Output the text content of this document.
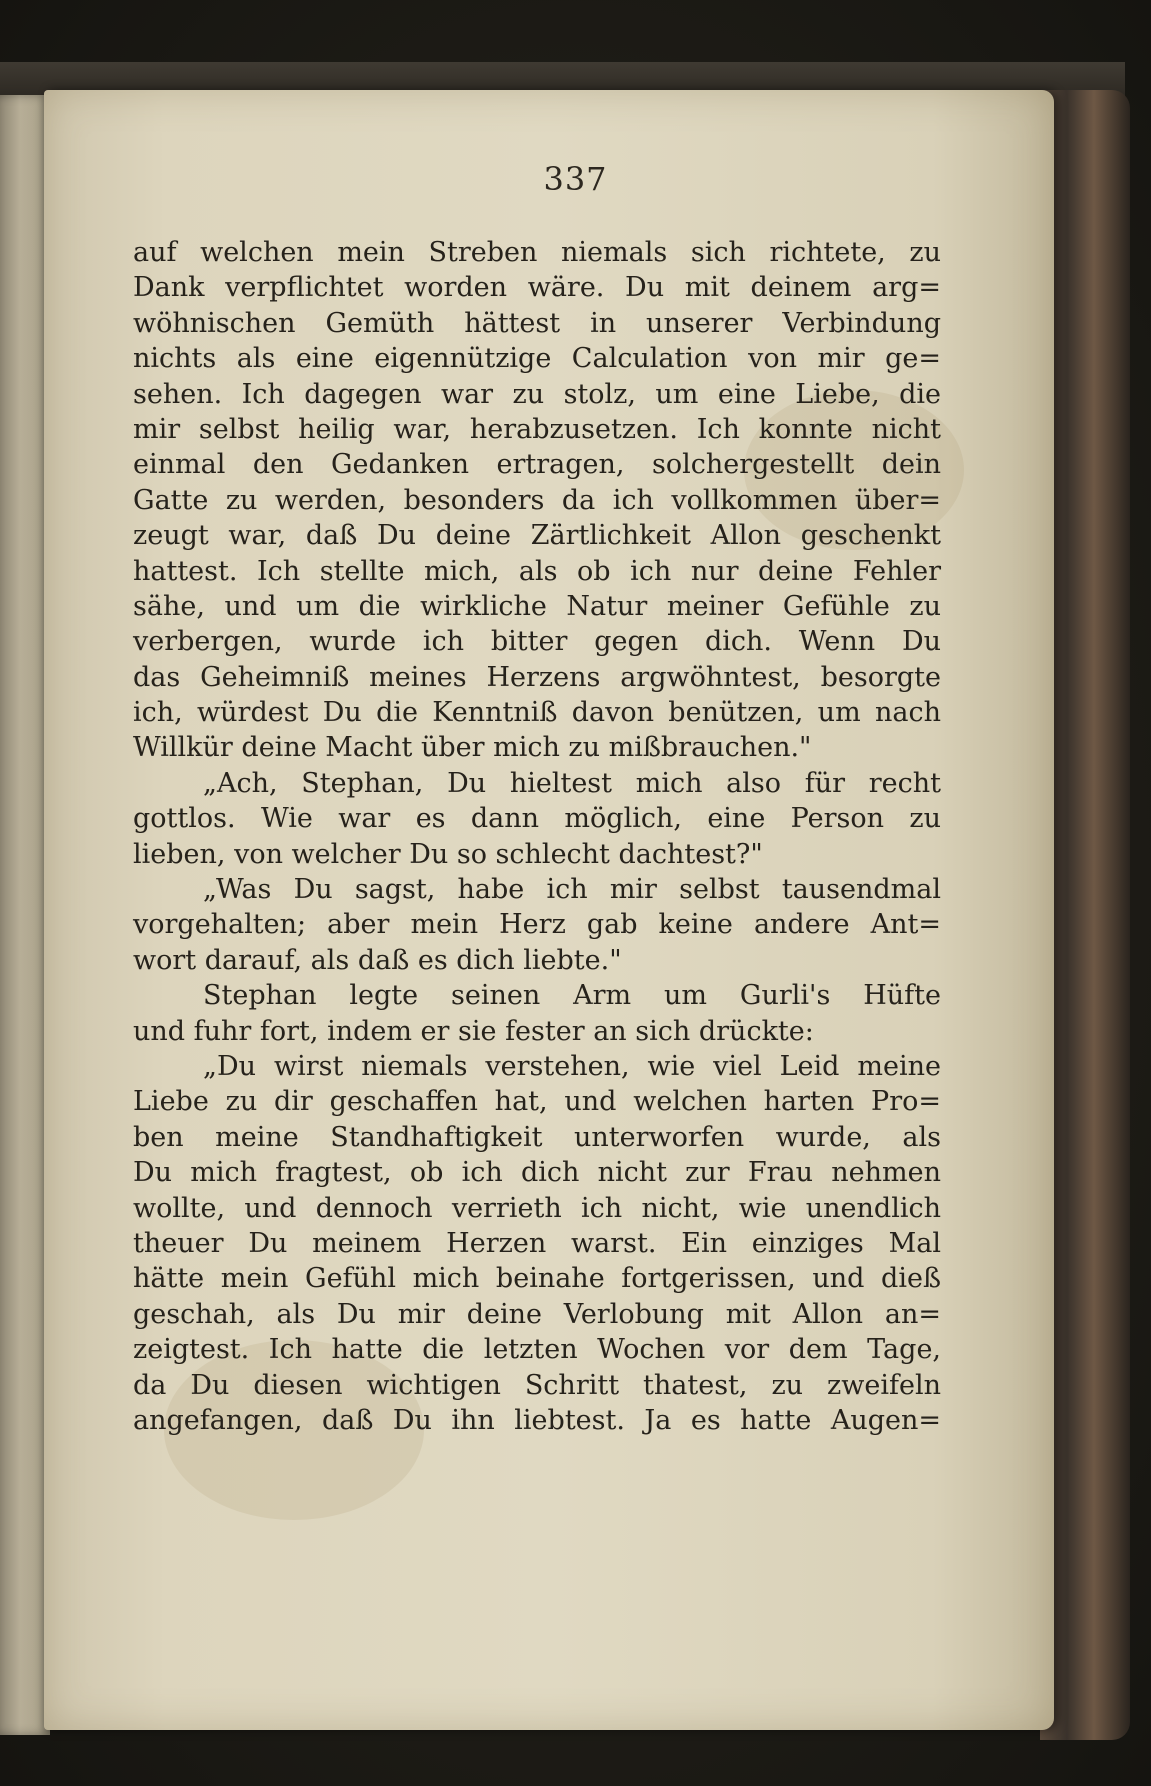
337
auf welchen mein Streben niemals sich richtete, zu
Dank verpflichtet worden wäre. Du mit deinem arg=
wöhnischen Gemüth hättest in unserer Verbindung
nichts als eine eigennützige Calculation von mir ge=
sehen. Ich dagegen war zu stolz, um eine Liebe, die
mir selbst heilig war, herabzusetzen. Ich konnte nicht
einmal den Gedanken ertragen, solchergestellt dein
Gatte zu werden, besonders da ich vollkommen über=
zeugt war, daß Du deine Zärtlichkeit Allon geschenkt
hattest. Ich stellte mich, als ob ich nur deine Fehler
sähe, und um die wirkliche Natur meiner Gefühle zu
verbergen, wurde ich bitter gegen dich. Wenn Du
das Geheimniß meines Herzens argwöhntest, besorgte
ich, würdest Du die Kenntniß davon benützen, um nach
Willkür deine Macht über mich zu mißbrauchen."
„Ach, Stephan, Du hieltest mich also für recht
gottlos. Wie war es dann möglich, eine Person zu
lieben, von welcher Du so schlecht dachtest?"
„Was Du sagst, habe ich mir selbst tausendmal
vorgehalten; aber mein Herz gab keine andere Ant=
wort darauf, als daß es dich liebte."
Stephan legte seinen Arm um Gurli's Hüfte
und fuhr fort, indem er sie fester an sich drückte:
„Du wirst niemals verstehen, wie viel Leid meine
Liebe zu dir geschaffen hat, und welchen harten Pro=
ben meine Standhaftigkeit unterworfen wurde, als
Du mich fragtest, ob ich dich nicht zur Frau nehmen
wollte, und dennoch verrieth ich nicht, wie unendlich
theuer Du meinem Herzen warst. Ein einziges Mal
hätte mein Gefühl mich beinahe fortgerissen, und dieß
geschah, als Du mir deine Verlobung mit Allon an=
zeigtest. Ich hatte die letzten Wochen vor dem Tage,
da Du diesen wichtigen Schritt thatest, zu zweifeln
angefangen, daß Du ihn liebtest. Ja es hatte Augen=
